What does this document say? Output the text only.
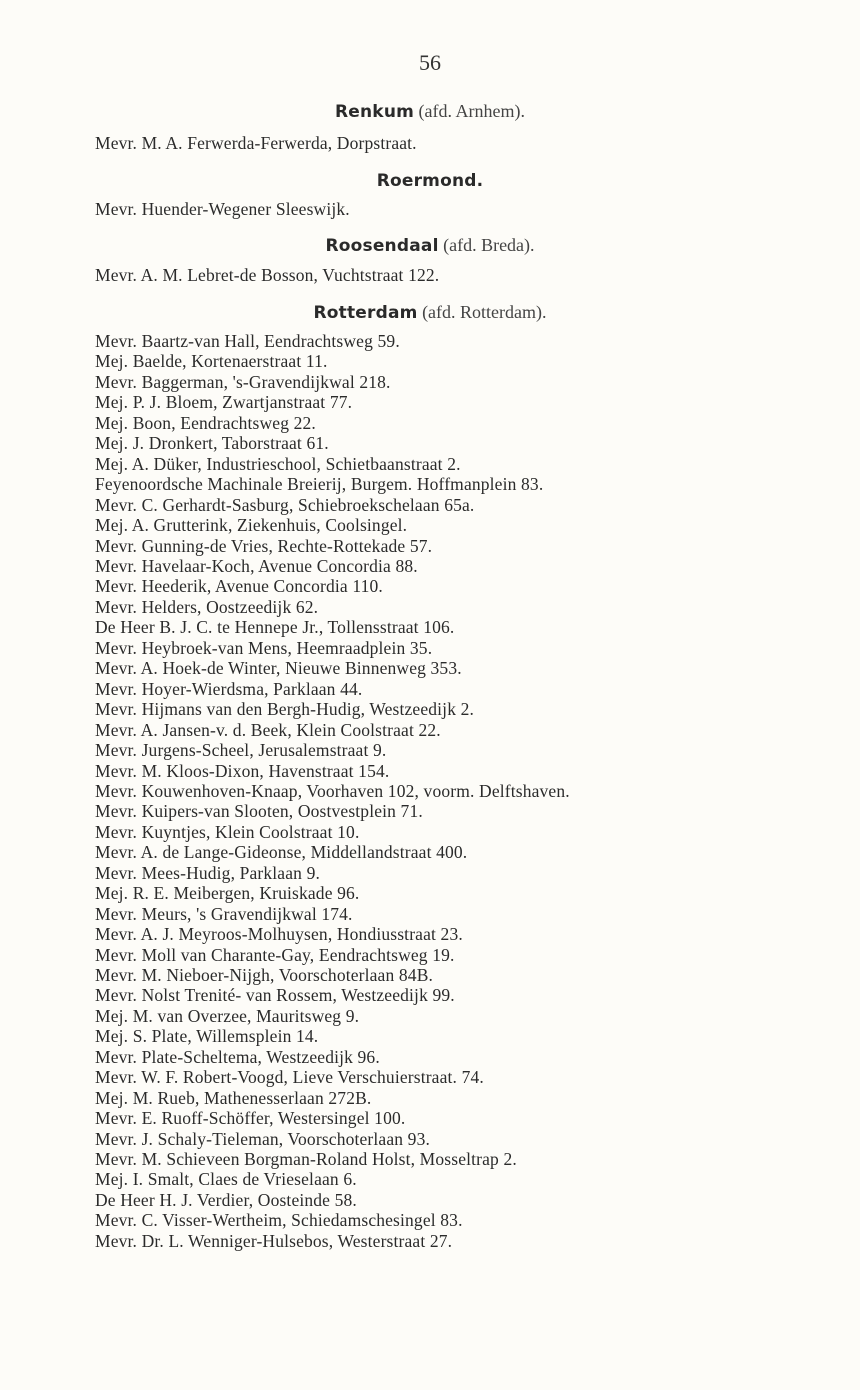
56
Renkum (afd. Arnhem).
Mevr. M. A. Ferwerda-Ferwerda, Dorpstraat.
Roermond.
Mevr. Huender-Wegener Sleeswijk.
Roosendaal (afd. Breda).
Mevr. A. M. Lebret-de Bosson, Vuchtstraat 122.
Rotterdam (afd. Rotterdam).
Mevr. Baartz-van Hall, Eendrachtsweg 59.
Mej. Baelde, Kortenaerstraat 11.
Mevr. Baggerman, 's-Gravendijkwal 218.
Mej. P. J. Bloem, Zwartjanstraat 77.
Mej. Boon, Eendrachtsweg 22.
Mej. J. Dronkert, Taborstraat 61.
Mej. A. Düker, Industrieschool, Schietbaanstraat 2.
Feyenoordsche Machinale Breierij, Burgem. Hoffmanplein 83.
Mevr. C. Gerhardt-Sasburg, Schiebroekschelaan 65a.
Mej. A. Grutterink, Ziekenhuis, Coolsingel.
Mevr. Gunning-de Vries, Rechte-Rottekade 57.
Mevr. Havelaar-Koch, Avenue Concordia 88.
Mevr. Heederik, Avenue Concordia 110.
Mevr. Helders, Oostzeedijk 62.
De Heer B. J. C. te Hennepe Jr., Tollensstraat 106.
Mevr. Heybroek-van Mens, Heemraadplein 35.
Mevr. A. Hoek-de Winter, Nieuwe Binnenweg 353.
Mevr. Hoyer-Wierdsma, Parklaan 44.
Mevr. Hijmans van den Bergh-Hudig, Westzeedijk 2.
Mevr. A. Jansen-v. d. Beek, Klein Coolstraat 22.
Mevr. Jurgens-Scheel, Jerusalemstraat 9.
Mevr. M. Kloos-Dixon, Havenstraat 154.
Mevr. Kouwenhoven-Knaap, Voorhaven 102, voorm. Delftshaven.
Mevr. Kuipers-van Slooten, Oostvestplein 71.
Mevr. Kuyntjes, Klein Coolstraat 10.
Mevr. A. de Lange-Gideonse, Middellandstraat 400.
Mevr. Mees-Hudig, Parklaan 9.
Mej. R. E. Meibergen, Kruiskade 96.
Mevr. Meurs, 's Gravendijkwal 174.
Mevr. A. J. Meyroos-Molhuysen, Hondiusstraat 23.
Mevr. Moll van Charante-Gay, Eendrachtsweg 19.
Mevr. M. Nieboer-Nijgh, Voorschoterlaan 84B.
Mevr. Nolst Trenité- van Rossem, Westzeedijk 99.
Mej. M. van Overzee, Mauritsweg 9.
Mej. S. Plate, Willemsplein 14.
Mevr. Plate-Scheltema, Westzeedijk 96.
Mevr. W. F. Robert-Voogd, Lieve Verschuierstraat. 74.
Mej. M. Rueb, Mathenesserlaan 272B.
Mevr. E. Ruoff-Schöffer, Westersingel 100.
Mevr. J. Schaly-Tieleman, Voorschoterlaan 93.
Mevr. M. Schieveen Borgman-Roland Holst, Mosseltrap 2.
Mej. I. Smalt, Claes de Vrieselaan 6.
De Heer H. J. Verdier, Oosteinde 58.
Mevr. C. Visser-Wertheim, Schiedamschesingel 83.
Mevr. Dr. L. Wenniger-Hulsebos, Westerstraat 27.
